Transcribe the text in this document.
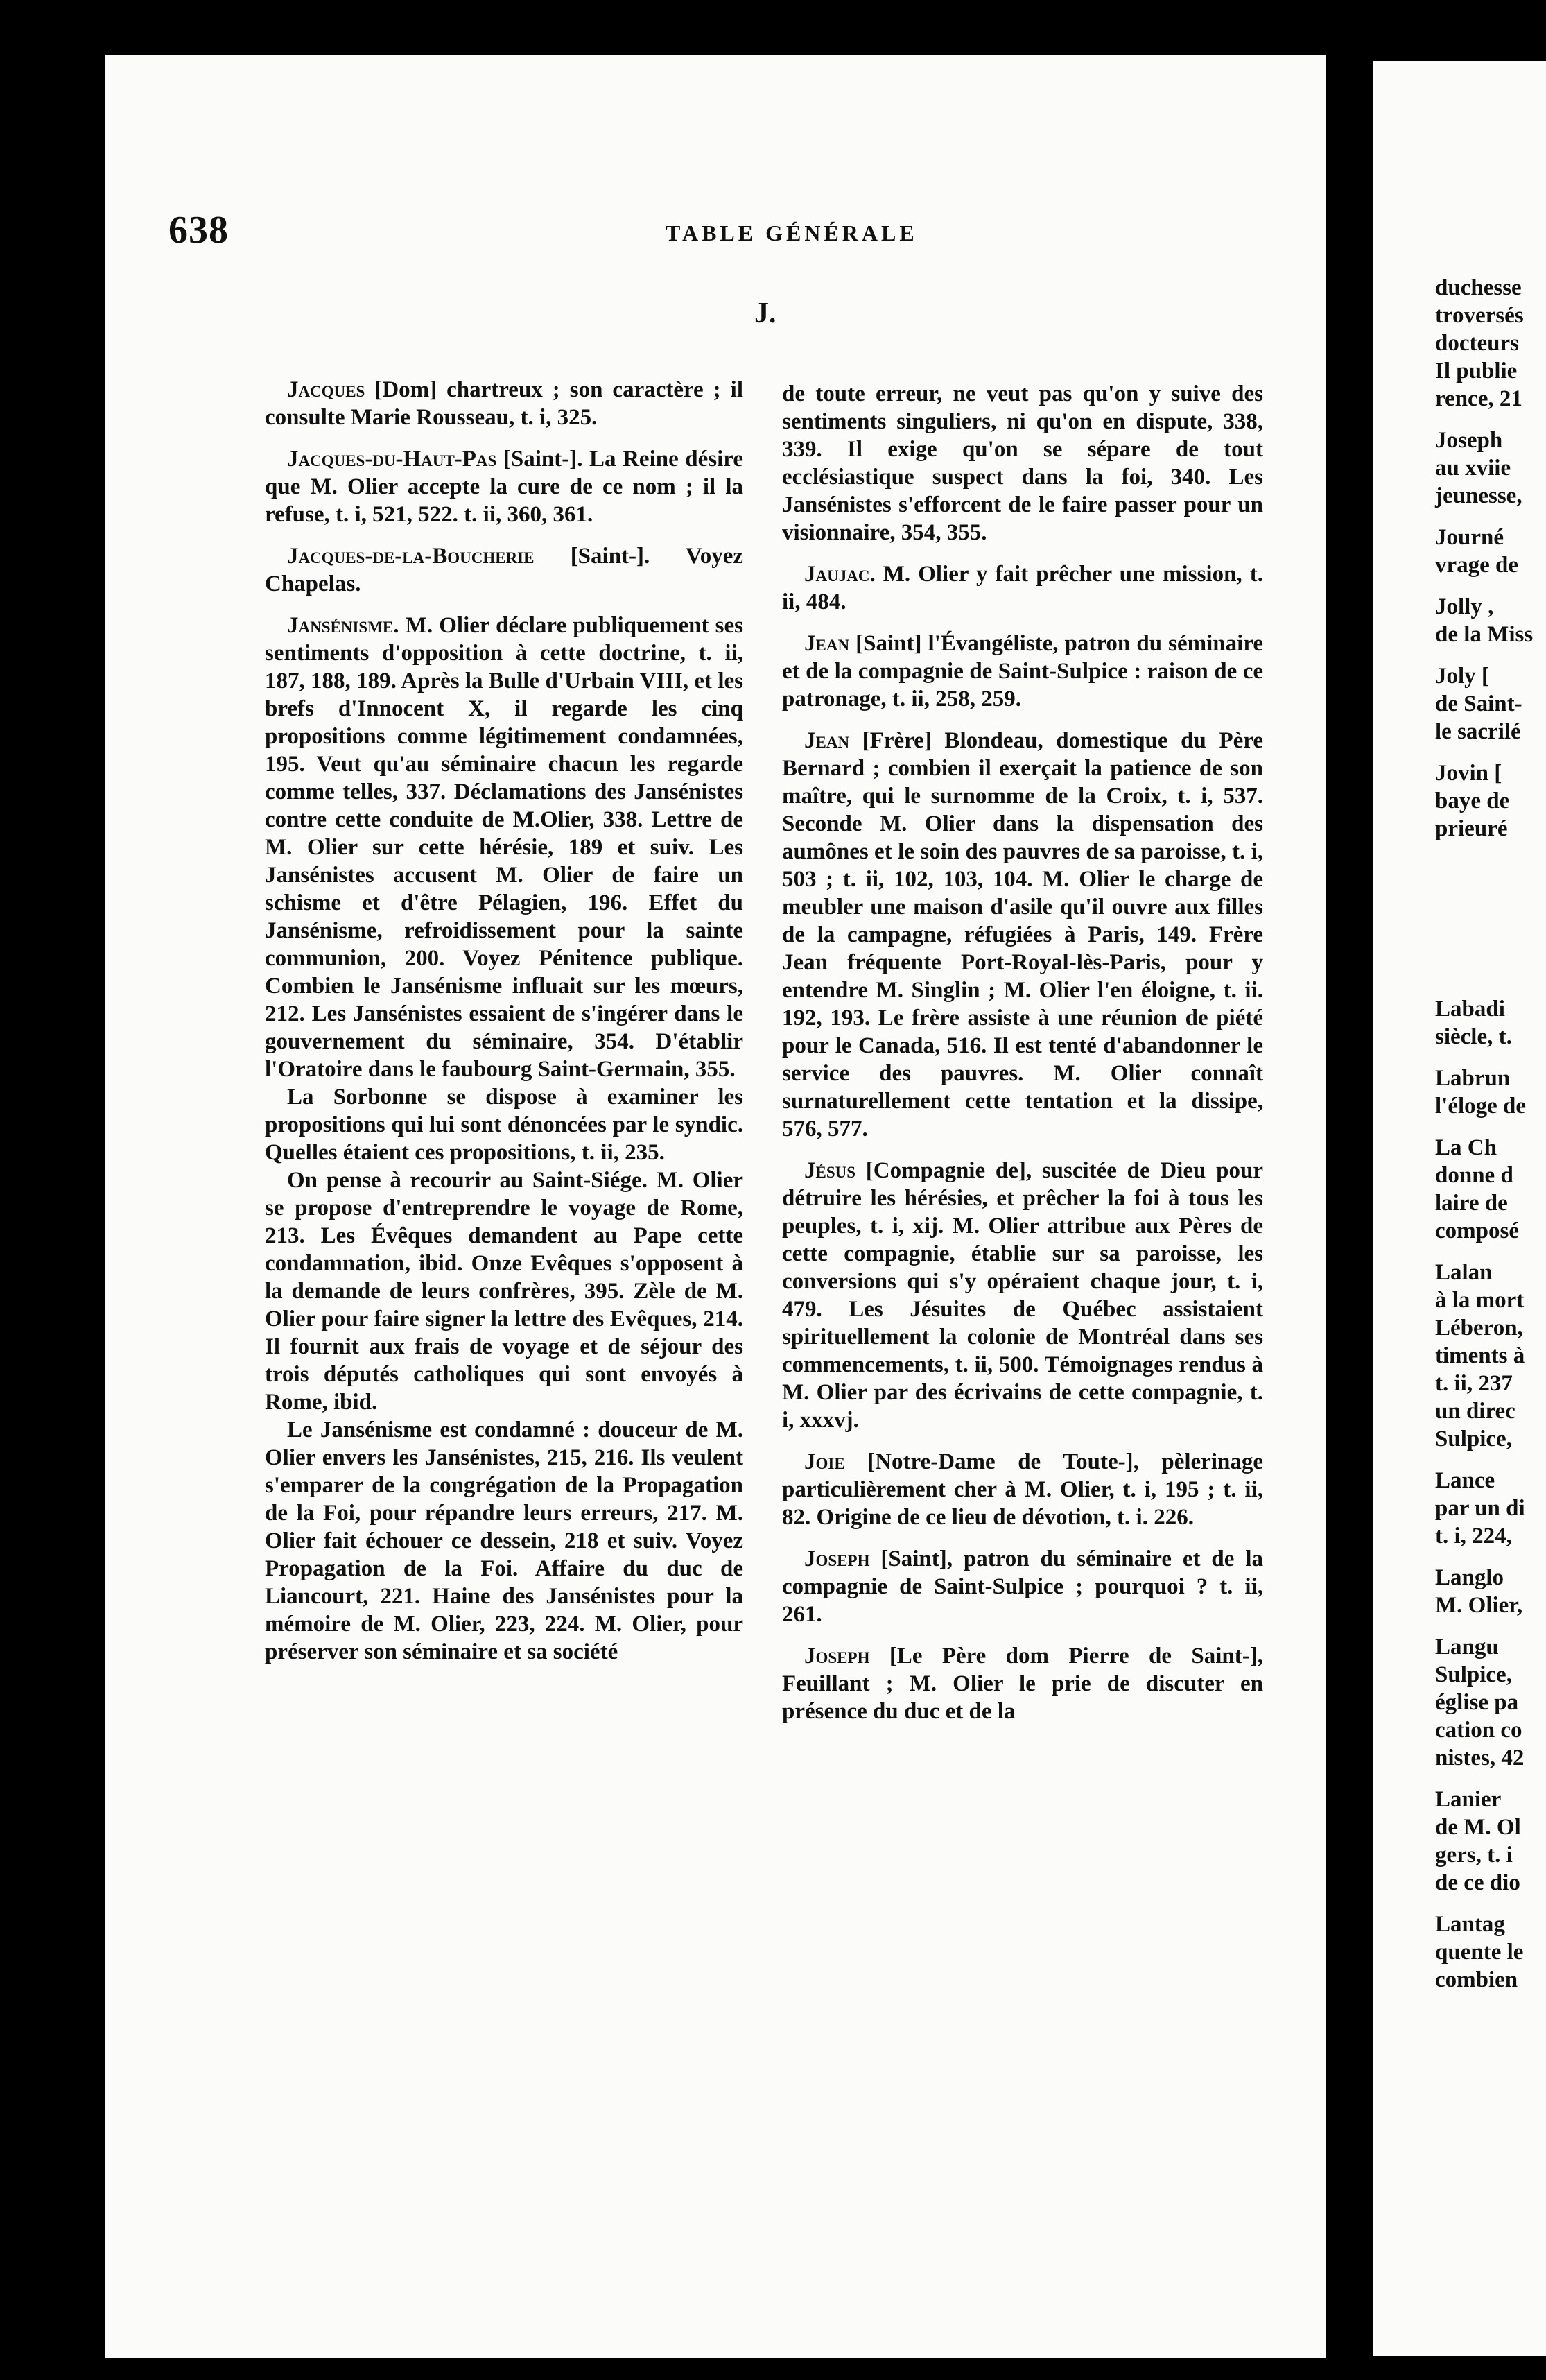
638	TABLE GÉNÉRALE
J.

Jacques [Dom] chartreux ; son caractère ; il consulte Marie Rousseau, t. i, 325.

Jacques-du-Haut-Pas [Saint-]. La Reine désire que M. Olier accepte la cure de ce nom ; il la refuse, t. i, 521, 522. t. ii, 360, 361.

Jacques-de-la-Boucherie [Saint-]. Voyez Chapelas.

Jansénisme. M. Olier déclare publiquement ses sentiments d'opposition à cette doctrine, t. ii, 187, 188, 189. Après la Bulle d'Urbain VIII, et les brefs d'Innocent X, il regarde les cinq propositions comme légitimement condamnées, 195. Veut qu'au séminaire chacun les regarde comme telles, 337. Déclamations des Jansénistes contre cette conduite de M.Olier, 338. Lettre de M. Olier sur cette hérésie, 189 et suiv. Les Jansénistes accusent M. Olier de faire un schisme et d'être Pélagien, 196. Effet du Jansénisme, refroidissement pour la sainte communion, 200. Voyez Pénitence publique. Combien le Jansénisme influait sur les mœurs, 212. Les Jansénistes essaient de s'ingérer dans le gouvernement du séminaire, 354. D'établir l'Oratoire dans le faubourg Saint-Germain, 355.

La Sorbonne se dispose à examiner les propositions qui lui sont dénoncées par le syndic. Quelles étaient ces propositions, t. ii, 235.

On pense à recourir au Saint-Siége. M. Olier se propose d'entreprendre le voyage de Rome, 213. Les Évêques demandent au Pape cette condamnation, ibid. Onze Evêques s'opposent à la demande de leurs confrères, 395. Zèle de M. Olier pour faire signer la lettre des Evêques, 214. Il fournit aux frais de voyage et de séjour des trois députés catholiques qui sont envoyés à Rome, ibid.

Le Jansénisme est condamné : douceur de M. Olier envers les Jansénistes, 215, 216. Ils veulent s'emparer de la congrégation de la Propagation de la Foi, pour répandre leurs erreurs, 217. M. Olier fait échouer ce dessein, 218 et suiv. Voyez Propagation de la Foi. Affaire du duc de Liancourt, 221. Haine des Jansénistes pour la mémoire de M. Olier, 223, 224. M. Olier, pour préserver son séminaire et sa société

de toute erreur, ne veut pas qu'on y suive des sentiments singuliers, ni qu'on en dispute, 338, 339. Il exige qu'on se sépare de tout ecclésiastique suspect dans la foi, 340. Les Jansénistes s'efforcent de le faire passer pour un visionnaire, 354, 355.

Jaujac. M. Olier y fait prêcher une mission, t. ii, 484.

Jean [Saint] l'Évangéliste, patron du séminaire et de la compagnie de Saint-Sulpice : raison de ce patronage, t. ii, 258, 259.

Jean [Frère] Blondeau, domestique du Père Bernard ; combien il exerçait la patience de son maître, qui le surnomme de la Croix, t. i, 537. Seconde M. Olier dans la dispensation des aumônes et le soin des pauvres de sa paroisse, t. i, 503 ; t. ii, 102, 103, 104. M. Olier le charge de meubler une maison d'asile qu'il ouvre aux filles de la campagne, réfugiées à Paris, 149. Frère Jean fréquente Port-Royal-lès-Paris, pour y entendre M. Singlin ; M. Olier l'en éloigne, t. ii. 192, 193. Le frère assiste à une réunion de piété pour le Canada, 516. Il est tenté d'abandonner le service des pauvres. M. Olier connaît surnaturellement cette tentation et la dissipe, 576, 577.

Jésus [Compagnie de], suscitée de Dieu pour détruire les hérésies, et prêcher la foi à tous les peuples, t. i, xij. M. Olier attribue aux Pères de cette compagnie, établie sur sa paroisse, les conversions qui s'y opéraient chaque jour, t. i, 479. Les Jésuites de Québec assistaient spirituellement la colonie de Montréal dans ses commencements, t. ii, 500. Témoignages rendus à M. Olier par des écrivains de cette compagnie, t. i, xxxvj.

Joie [Notre-Dame de Toute-], pèlerinage particulièrement cher à M. Olier, t. i, 195 ; t. ii, 82. Origine de ce lieu de dévotion, t. i. 226.

Joseph [Saint], patron du séminaire et de la compagnie de Saint-Sulpice ; pourquoi ? t. ii, 261.

Joseph [Le Père dom Pierre de Saint-], Feuillant ; M. Olier le prie de discuter en présence du duc et de la

duchesse
troversés
docteurs
Il publie
rence, 21
Joseph
au xviie
jeunesse,
Journé
vrage de
Jolly ,
de la Miss
Joly [
de Saint-
le sacrilé
Jovin [
baye de
prieuré
Labadi
siècle, t.
Labrun
l'éloge de
La Ch
donne d
laire de
composé
Lalan
à la mort
Léberon,
timents à
t. ii, 237
un direc
Sulpice,
Lance
par un di
t. i, 224,
Langlo
M. Olier,
Langu
Sulpice,
église pa
cation co
nistes, 42
Lanier
de M. Ol
gers, t. i
de ce dio
Lantag
quente le
combien
